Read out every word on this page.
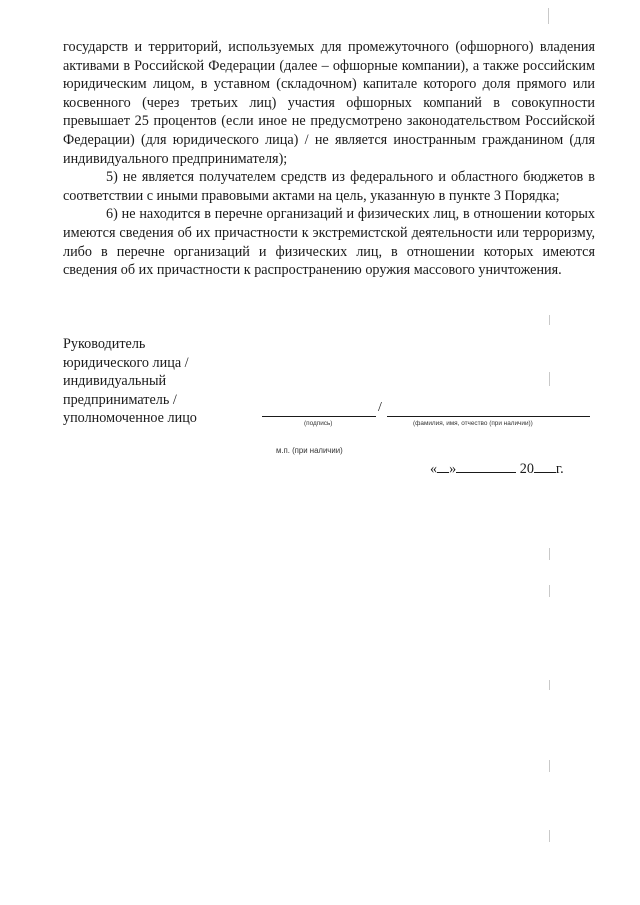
государств и территорий, используемых для промежуточного (офшорного) владения активами в Российской Федерации (далее – офшорные компании), а также российским юридическим лицом, в уставном (складочном) капитале которого доля прямого или косвенного (через третьих лиц) участия офшорных компаний в совокупности превышает 25 процентов (если иное не предусмотрено законодательством Российской Федерации) (для юридического лица) / не является иностранным гражданином (для индивидуального предпринимателя);

5) не является получателем средств из федерального и областного бюджетов в соответствии с иными правовыми актами на цель, указанную в пункте 3 Порядка;

6) не находится в перечне организаций и физических лиц, в отношении которых имеются сведения об их причастности к экстремистской деятельности или терроризму, либо в перечне организаций и физических лиц, в отношении которых имеются сведения об их причастности к распространению оружия массового уничтожения.

Руководитель
юридического лица /
индивидуальный
предприниматель /
уполномоченное лицо
/
(подпись)	(фамилия, имя, отчество (при наличии))
м.п. (при наличии)
« »	20 г.
